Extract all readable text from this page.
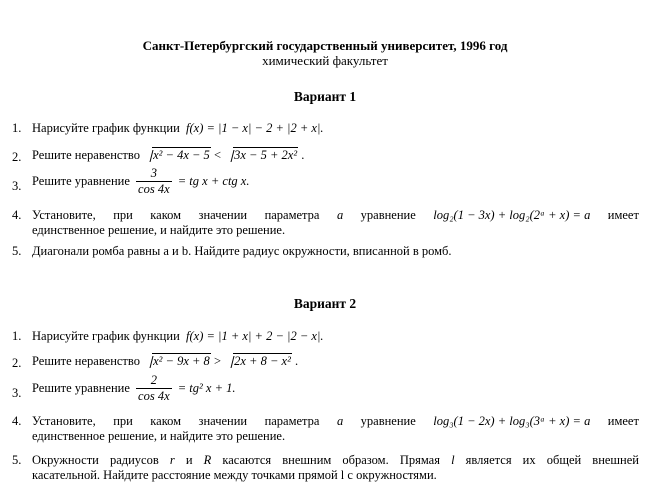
Санкт-Петербургский государственный университет, 1996 год
химический факультет
Вариант 1
1. Нарисуйте график функции f(x) = |1 − x| − 2 + |2 + x|.
2. Решите неравенство x² − 4x − 5 < 3x − 5 + 2x² .
3. Решите уравнение $\frac{3}{\cos 4x}$ = tg x + ctg x.
4. Установите, при каком значении параметра a уравнение log₂(1 − 3x) + log₂(2ᵃ + x) = a имеет
единственное решение, и найдите это решение.
5. Диагонали ромба равны a и b. Найдите радиус окружности, вписанной в ромб.
Вариант 2
1. Нарисуйте график функции f(x) = |1 + x| + 2 − |2 − x|.
2. Решите неравенство x² − 9x + 8 > 2x + 8 − x² .
3. Решите уравнение $\frac{2}{\cos 4x} = tg^2$ x + 1.
4. Установите, при каком значении параметра a уравнение log₃(1 − 2x) + log₃(3ᵃ + x) = a имеет
единственное решение, и найдите это решение.
5. Окружности радиусов r и R касаются внешним образом. Прямая l является их общей внешней
касательной. Найдите расстояние между точками прямой l с окружностями.
